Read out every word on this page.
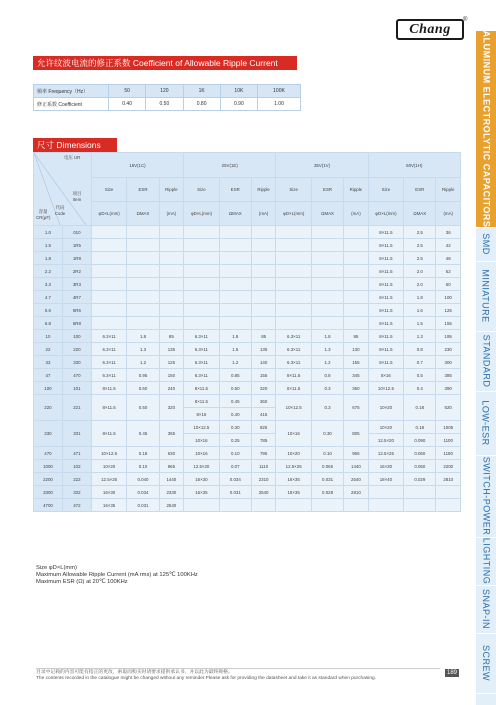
Chang
®
ALUMINUM ELECTROLYTIC CAPACITORS
SMD
MINIATURE
STANDARD
LOW-ESR
SWITCH-POWER
LIGHTING
SNAP-IN
SCREW
允许纹波电流的修正系数 Coefficient of Allowable Ripple Current
频率 Frequency（Hz）	50	120	1K	10K	100K
修正系数 Coefficient	0.40	0.50	0.80	0.90	1.00
尺寸 Dimensions
电压 UR
项目 Item
容量 CR(μF)
代码 Code		16V(1C)			25V(1E)			35V(1V)			50V(1H)		
		Size	ESR	Ripple	Size	ESR	Ripple	Size	ESR	Ripple	Size	ESR	Ripple
		φD×L(mm)	ΩMAX	(mA)	φD×L(mm)	ΩMAX	(mA)	φD×L(mm)	ΩMAX	(mA)	φD×L(mm)	ΩMAX	(mA)
1.0	010										8×11.5	2.5	36
1.5	1R5										8×11.5	2.5	42
1.8	1R8										8×11.5	2.5	48
2.2	2R2										8×11.5	2.0	52
3.3	3R3										8×11.5	2.0	60
4.7	4R7										8×11.5	1.8	100
5.6	5R6										8×11.5	1.6	125
6.8	6R8										8×11.5	1.5	155
10	100	6.3×11	1.8	85	6.3×11	1.8	85	6.3×11	1.8	95	8×11.5	1.3	195
22	220	6.3×11	1.3	135	6.3×11	1.5	135	6.3×11	1.3	130	8×11.5	0.8	230
33	330	6.3×11	1.2	125	6.3×11	1.2	140	6.3×11	1.2	155	8×11.5	0.7	300
47	470	6.3×11	0.95	150	6.3×11	0.85	155	8×11.5	0.8	345	8×16	0.5	385
100	101	8×11.5	0.60	240	8×11.5	0.50	320	8×11.5	0.3	360	10×12.5	0.4	390
220	221	8×11.5	0.50	320	8×11.5	0.45	360	10×12.5	0.3	675	10×20	0.18	520
					8×16	0.40	415						
330	331	8×11.5	0.45	365	10×12.5	0.30	825	10×16	0.30	805	10×20	0.18	1005
					10×16	0.25	785				12.5×20	0.090	1100
470	471	10×12.5	0.18	630	10×16	0.10	795	10×20	0.10	965	12.5×25	0.060	1180
1000	102	10×20	0.10	965	12.5×20	0.07	1110	12.5×25	0.065	1440	16×30	0.060	2200
2200	222	12.5×25	0.040	1440	16×30	0.034	2310	16×35	0.031	2540	18×40	0.029	2810
3300	332	16×30	0.034	2330	16×35	0.031	2540	18×35	0.028	2810			
4700	472	16×35	0.031	2540									
Size φD×L(mm)
Maximum Allowable Ripple Current (mA rms) at 125℃ 100KHz
Maximum ESR (Ω) at 20℃ 100KHz
目录中记载的内容可能有指正的更改，索取而购买时请要求提供承认书，并以此为最终规格。
The contents recorded in the catalogue might be changed without any reminder.Please ask for providing the datasheet and take it as standard when purchasing.
189
